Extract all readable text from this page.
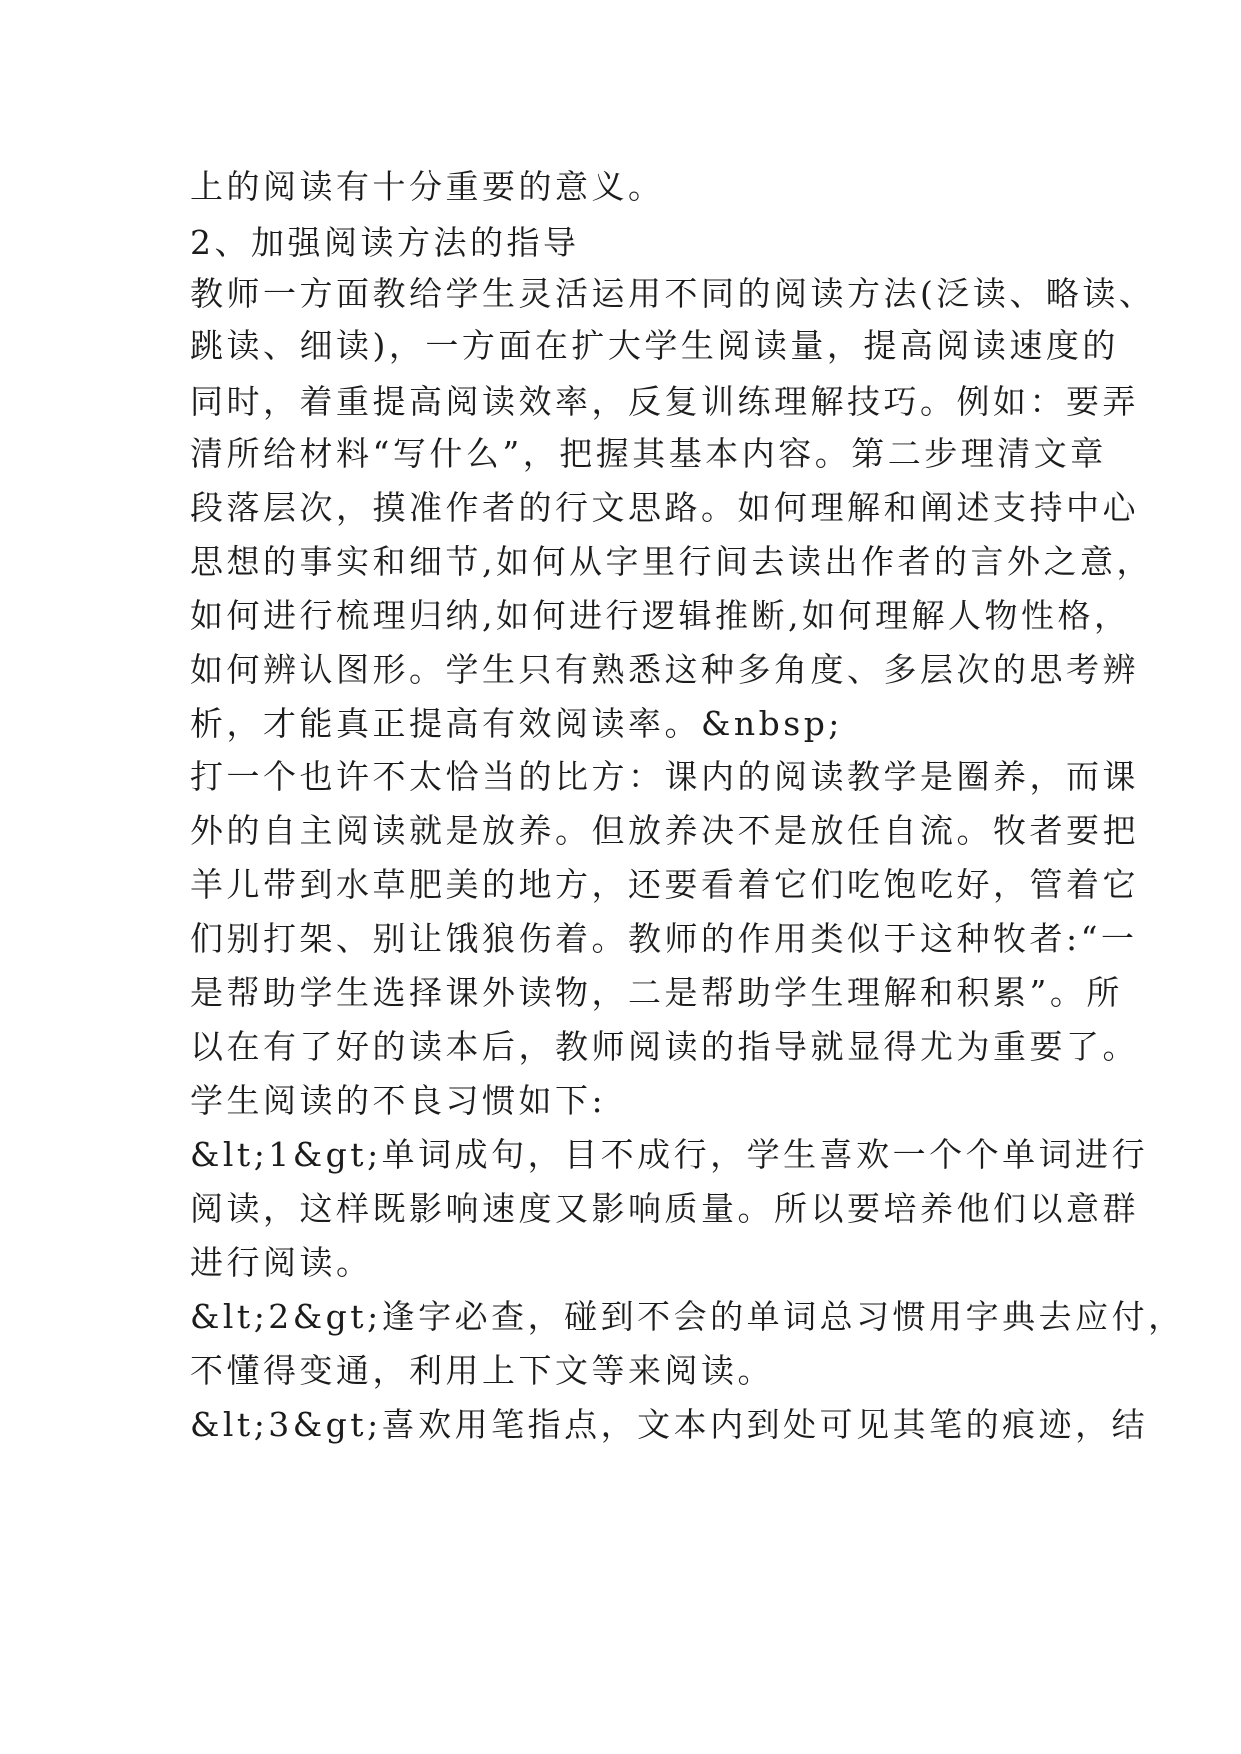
上的阅读有十分重要的意义。
2、加强阅读方法的指导
教师一方面教给学生灵活运用不同的阅读方法(泛读、略读、
跳读、细读)，一方面在扩大学生阅读量，提高阅读速度的
同时，着重提高阅读效率，反复训练理解技巧。例如：要弄
清所给材料“写什么”，把握其基本内容。第二步理清文章
段落层次，摸准作者的行文思路。如何理解和阐述支持中心
思想的事实和细节,如何从字里行间去读出作者的言外之意，
如何进行梳理归纳,如何进行逻辑推断,如何理解人物性格，
如何辨认图形。学生只有熟悉这种多角度、多层次的思考辨
析，才能真正提高有效阅读率。&nbsp;
打一个也许不太恰当的比方：课内的阅读教学是圈养，而课
外的自主阅读就是放养。但放养决不是放任自流。牧者要把
羊儿带到水草肥美的地方，还要看着它们吃饱吃好，管着它
们别打架、别让饿狼伤着。教师的作用类似于这种牧者:“一
是帮助学生选择课外读物，二是帮助学生理解和积累”。所
以在有了好的读本后，教师阅读的指导就显得尤为重要了。
学生阅读的不良习惯如下:
&lt;1&gt;单词成句，目不成行，学生喜欢一个个单词进行
阅读，这样既影响速度又影响质量。所以要培养他们以意群
进行阅读。
&lt;2&gt;逢字必查，碰到不会的单词总习惯用字典去应付，
不懂得变通，利用上下文等来阅读。
&lt;3&gt;喜欢用笔指点，文本内到处可见其笔的痕迹，结
